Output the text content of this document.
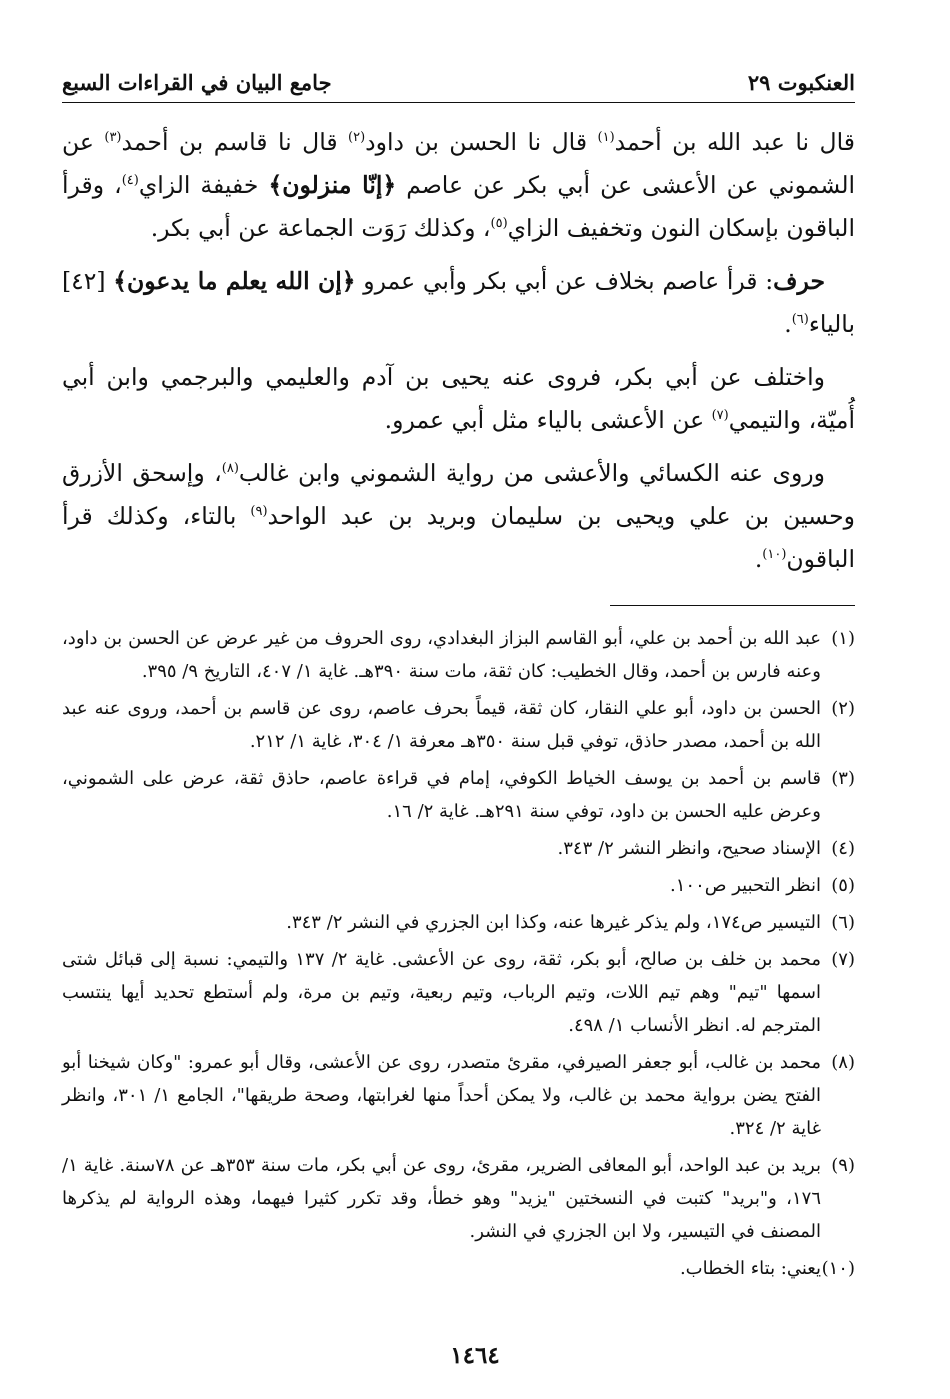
العنكبوت ٢٩
جامع البيان في القراءات السبع

قال نا عبد الله بن أحمد$^{(١)}$ قال نا الحسن بن داود$^{(٢)}$ قال نا قاسم بن أحمد$^{(٣)}$ عن الشموني عن الأعشى عن أبي بكر عن عاصم ﴿إنّا منزلون﴾ خفيفة الزاي$^{(٤)}$، وقرأ الباقون بإسكان النون وتخفيف الزاي$^{(٥)}$، وكذلك رَوَت الجماعة عن أبي بكر.

حرف: قرأ عاصم بخلاف عن أبي بكر وأبي عمرو ﴿إن الله يعلم ما يدعون﴾ [٤٢] بالياء$^{(٦)}$.

واختلف عن أبي بكر، فروى عنه يحيى بن آدم والعليمي والبرجمي وابن أبي أُميّة، والتيمي$^{(٧)}$ عن الأعشى بالياء مثل أبي عمرو.

وروى عنه الكسائي والأعشى من رواية الشموني وابن غالب$^{(٨)}$، وإسحق الأزرق وحسين بن علي ويحيى بن سليمان وبريد بن عبد الواحد$^{(٩)}$ بالتاء، وكذلك قرأ الباقون$^{(١٠)}$.

(١)
عبد الله بن أحمد بن علي، أبو القاسم البزاز البغدادي، روى الحروف من غير عرض عن الحسن بن داود، وعنه فارس بن أحمد، وقال الخطيب: كان ثقة، مات سنة ٣٩٠هـ. غاية ١/ ٤٠٧، التاريخ ٩/ ٣٩٥.
(٢)
الحسن بن داود، أبو علي النقار، كان ثقة، قيماً بحرف عاصم، روى عن قاسم بن أحمد، وروى عنه عبد الله بن أحمد، مصدر حاذق، توفي قبل سنة ٣٥٠هـ معرفة ١/ ٣٠٤، غاية ١/ ٢١٢.
(٣)
قاسم بن أحمد بن يوسف الخياط الكوفي، إمام في قراءة عاصم، حاذق ثقة، عرض على الشموني، وعرض عليه الحسن بن داود، توفي سنة ٢٩١هـ. غاية ٢/ ١٦.
(٤)
الإسناد صحيح، وانظر النشر ٢/ ٣٤٣.
(٥)
انظر التحبير ص١٠٠.
(٦)
التيسير ص١٧٤، ولم يذكر غيرها عنه، وكذا ابن الجزري في النشر ٢/ ٣٤٣.
(٧)
محمد بن خلف بن صالح، أبو بكر، ثقة، روى عن الأعشى. غاية ٢/ ١٣٧ والتيمي: نسبة إلى قبائل شتى اسمها "تيم" وهم تيم اللات، وتيم الرباب، وتيم ربعية، وتيم بن مرة، ولم أستطع تحديد أيها ينتسب المترجم له. انظر الأنساب ١/ ٤٩٨.
(٨)
محمد بن غالب، أبو جعفر الصيرفي، مقرئ متصدر، روى عن الأعشى، وقال أبو عمرو: "وكان شيخنا أبو الفتح يضن برواية محمد بن غالب، ولا يمكن أحداً منها لغرابتها، وصحة طريقها"، الجامع ١/ ٣٠١، وانظر غاية ٢/ ٣٢٤.
(٩)
بريد بن عبد الواحد، أبو المعافى الضرير، مقرئ، روى عن أبي بكر، مات سنة ٣٥٣هـ عن ٧٨سنة. غاية ١/ ١٧٦، و"بريد" كتبت في النسختين "يزيد" وهو خطأ، وقد تكرر كثيرا فيهما، وهذه الرواية لم يذكرها المصنف في التيسير، ولا ابن الجزري في النشر.
(١٠)
يعني: بتاء الخطاب.
١٤٦٤
